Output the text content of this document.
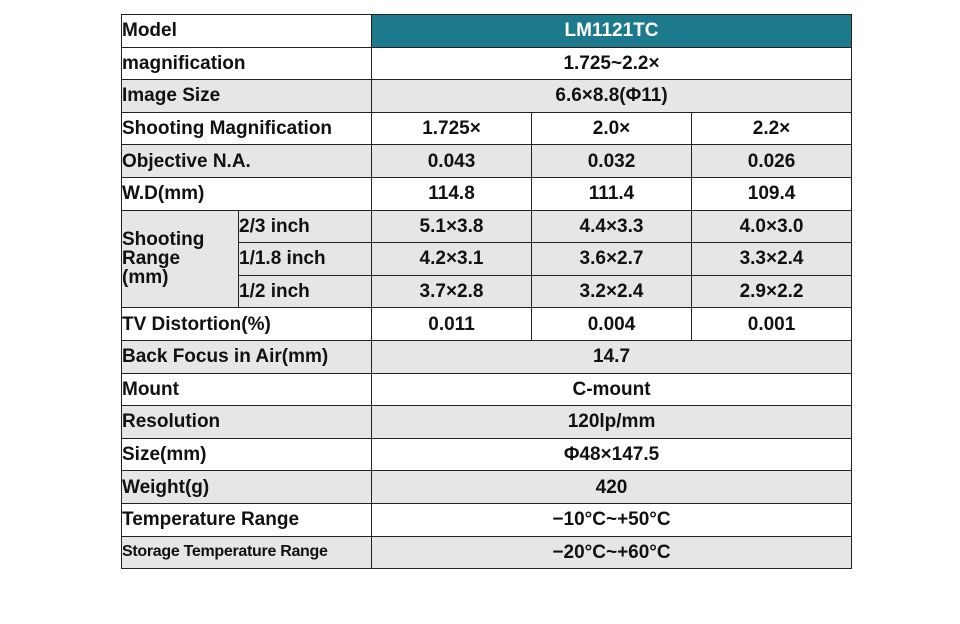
Model		LM1121TC		
magnification		1.725~2.2×		
Image Size		6.6×8.8(Φ11)		
Shooting Magnification		1.725×	2.0×	2.2×
Objective N.A.		0.043	0.032	0.026
W.D(mm)		114.8	111.4	109.4
Shooting
Range
(mm)	2/3 inch	5.1×3.8	4.4×3.3	4.0×3.0
	1/1.8 inch	4.2×3.1	3.6×2.7	3.3×2.4
	1/2 inch	3.7×2.8	3.2×2.4	2.9×2.2
TV Distortion(%)		0.011	0.004	0.001
Back Focus in Air(mm)		14.7		
Mount		C-mount		
Resolution		120lp/mm		
Size(mm)		Φ48×147.5		
Weight(g)		420		
Temperature Range		−10°C~+50°C		
Storage Temperature Range		−20°C~+60°C		
